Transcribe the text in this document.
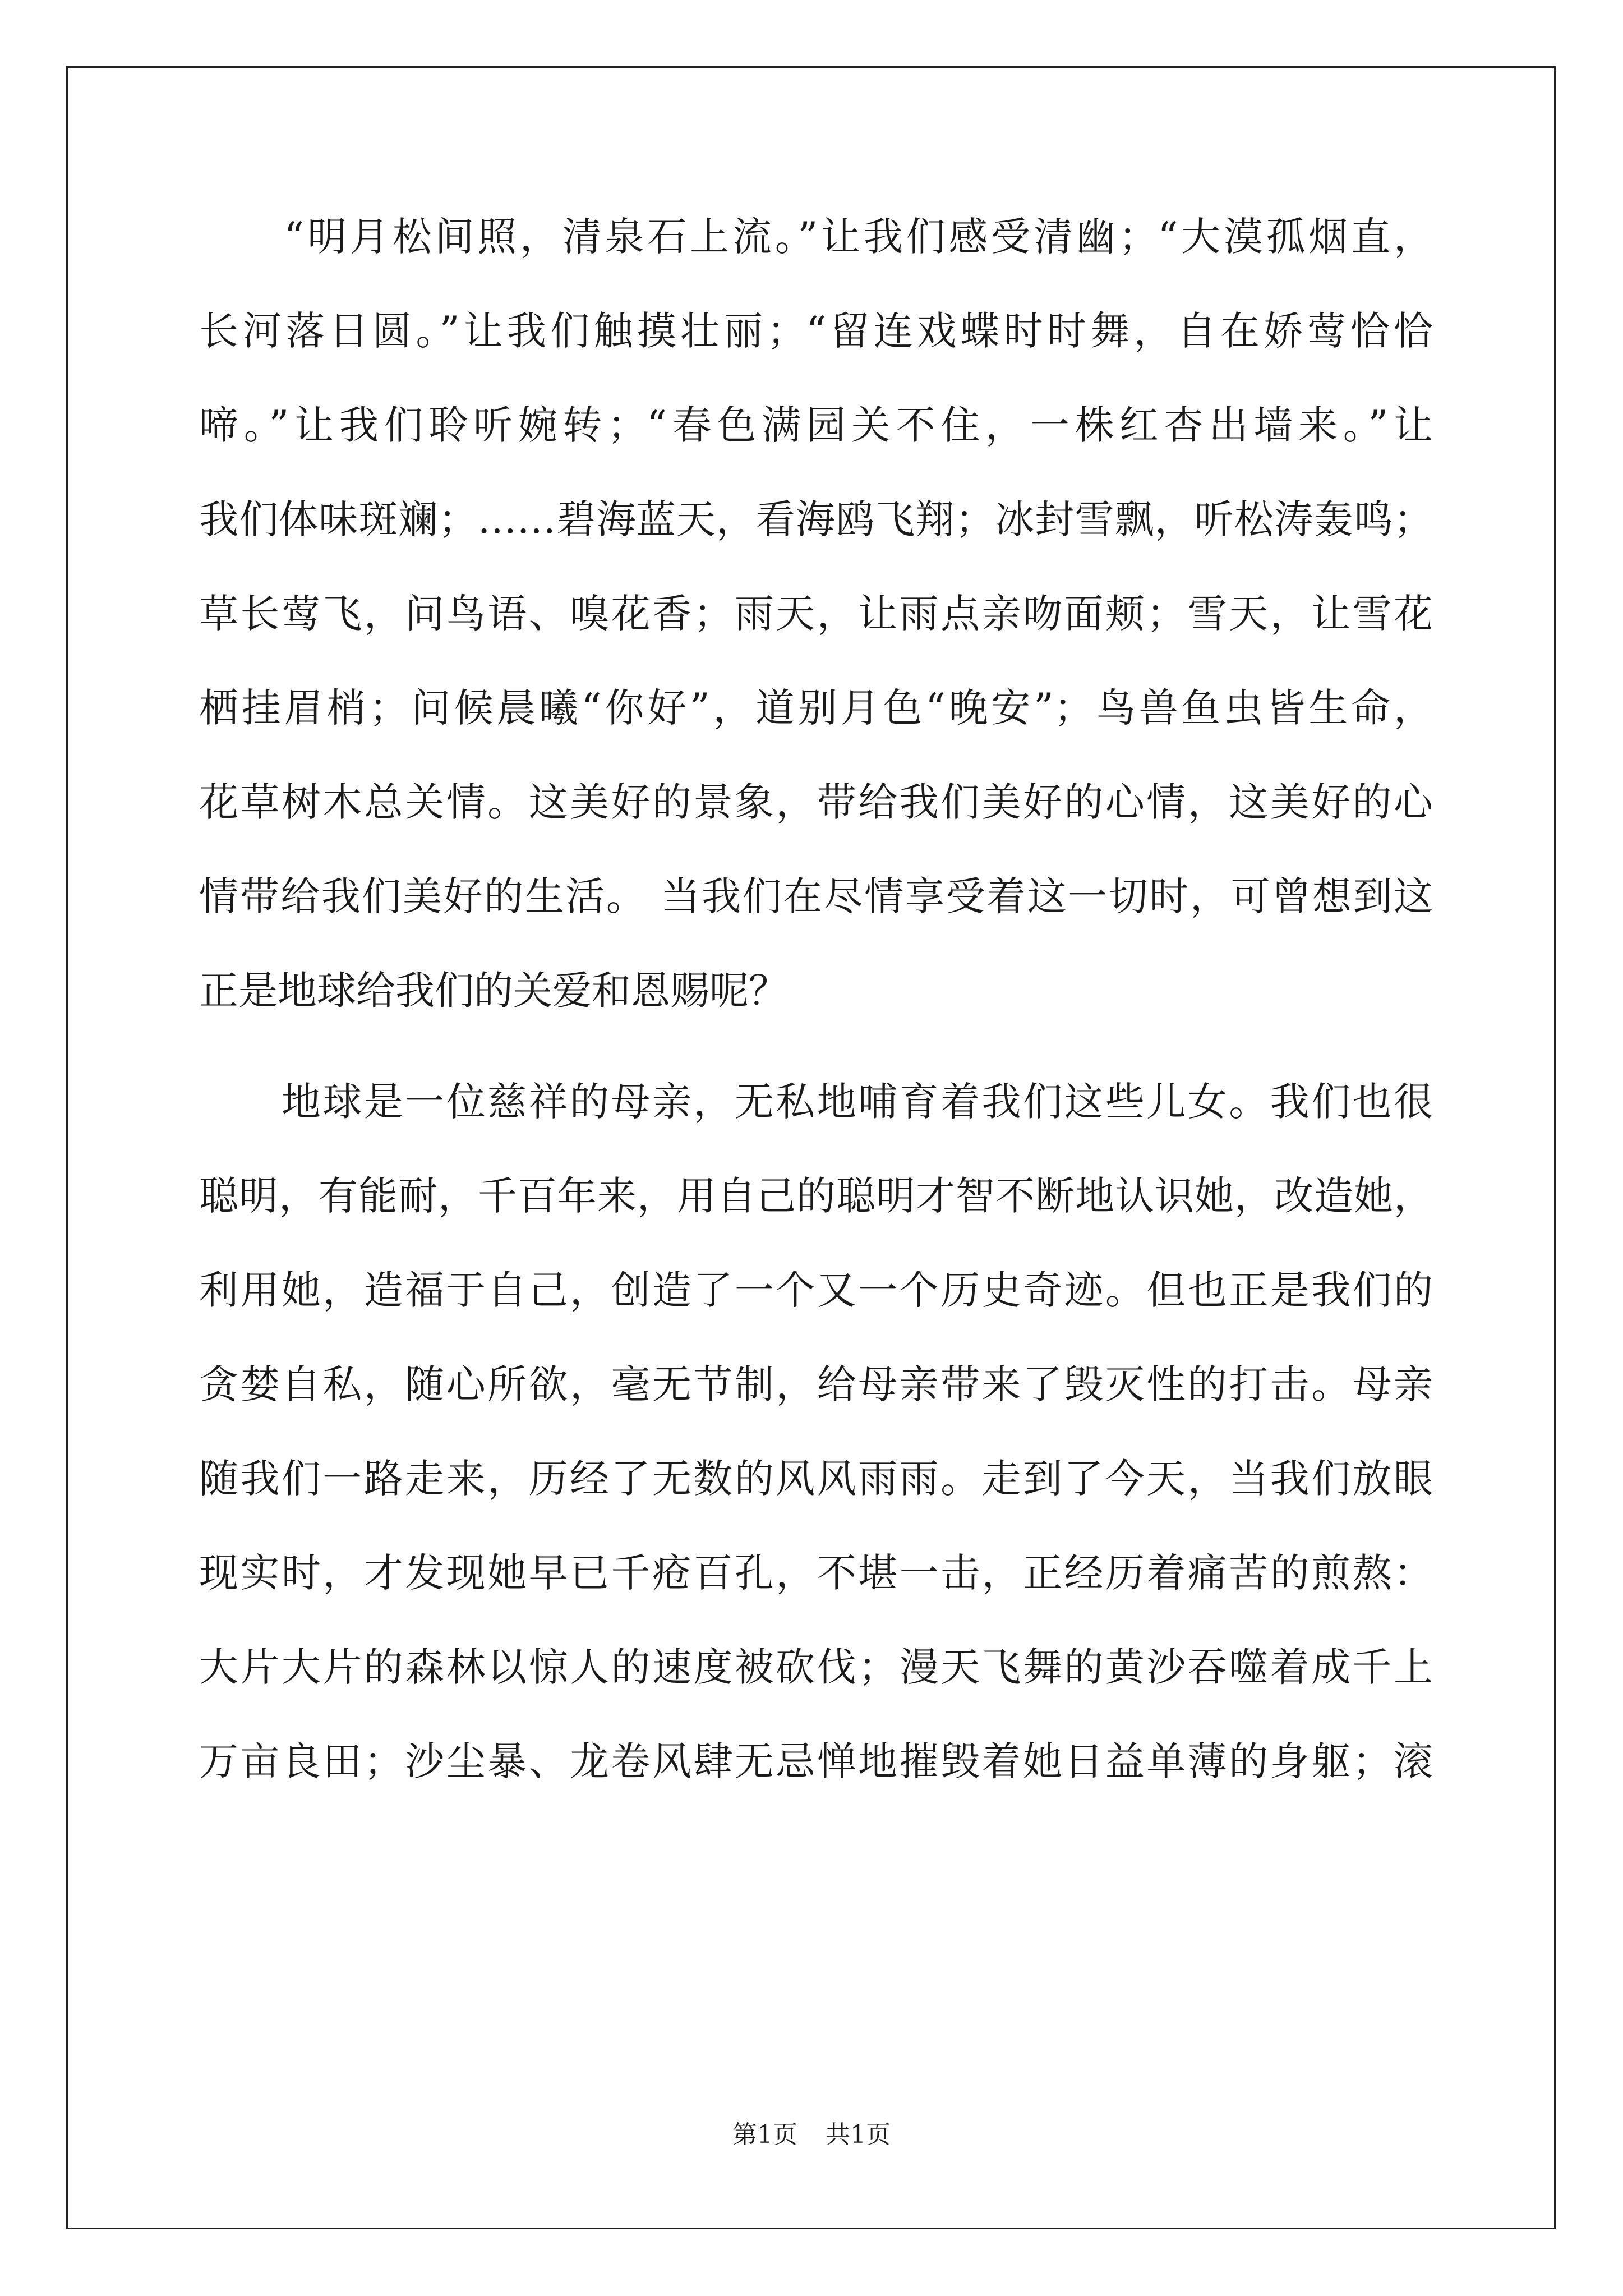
　　“明月松间照，清泉石上流。”让我们感受清幽；“大漠孤烟直，
长河落日圆。”让我们触摸壮丽；“留连戏蝶时时舞，自在娇莺恰恰
啼。”让我们聆听婉转；“春色满园关不住，一株红杏出墙来。”让
我们体味斑斓；……碧海蓝天，看海鸥飞翔；冰封雪飘，听松涛轰鸣；
草长莺飞，问鸟语、嗅花香；雨天，让雨点亲吻面颊；雪天，让雪花
栖挂眉梢；问候晨曦“你好”，道别月色“晚安”；鸟兽鱼虫皆生命，
花草树木总关情。这美好的景象，带给我们美好的心情，这美好的心
情带给我们美好的生活。 当我们在尽情享受着这一切时，可曾想到这
正是地球给我们的关爱和恩赐呢？
　　地球是一位慈祥的母亲，无私地哺育着我们这些儿女。我们也很
聪明，有能耐，千百年来，用自己的聪明才智不断地认识她，改造她，
利用她，造福于自己，创造了一个又一个历史奇迹。但也正是我们的
贪婪自私，随心所欲，毫无节制，给母亲带来了毁灭性的打击。母亲
随我们一路走来，历经了无数的风风雨雨。走到了今天，当我们放眼
现实时，才发现她早已千疮百孔，不堪一击，正经历着痛苦的煎熬：
大片大片的森林以惊人的速度被砍伐；漫天飞舞的黄沙吞噬着成千上
万亩良田；沙尘暴、龙卷风肆无忌惮地摧毁着她日益单薄的身躯；滚
第1页 共1页
